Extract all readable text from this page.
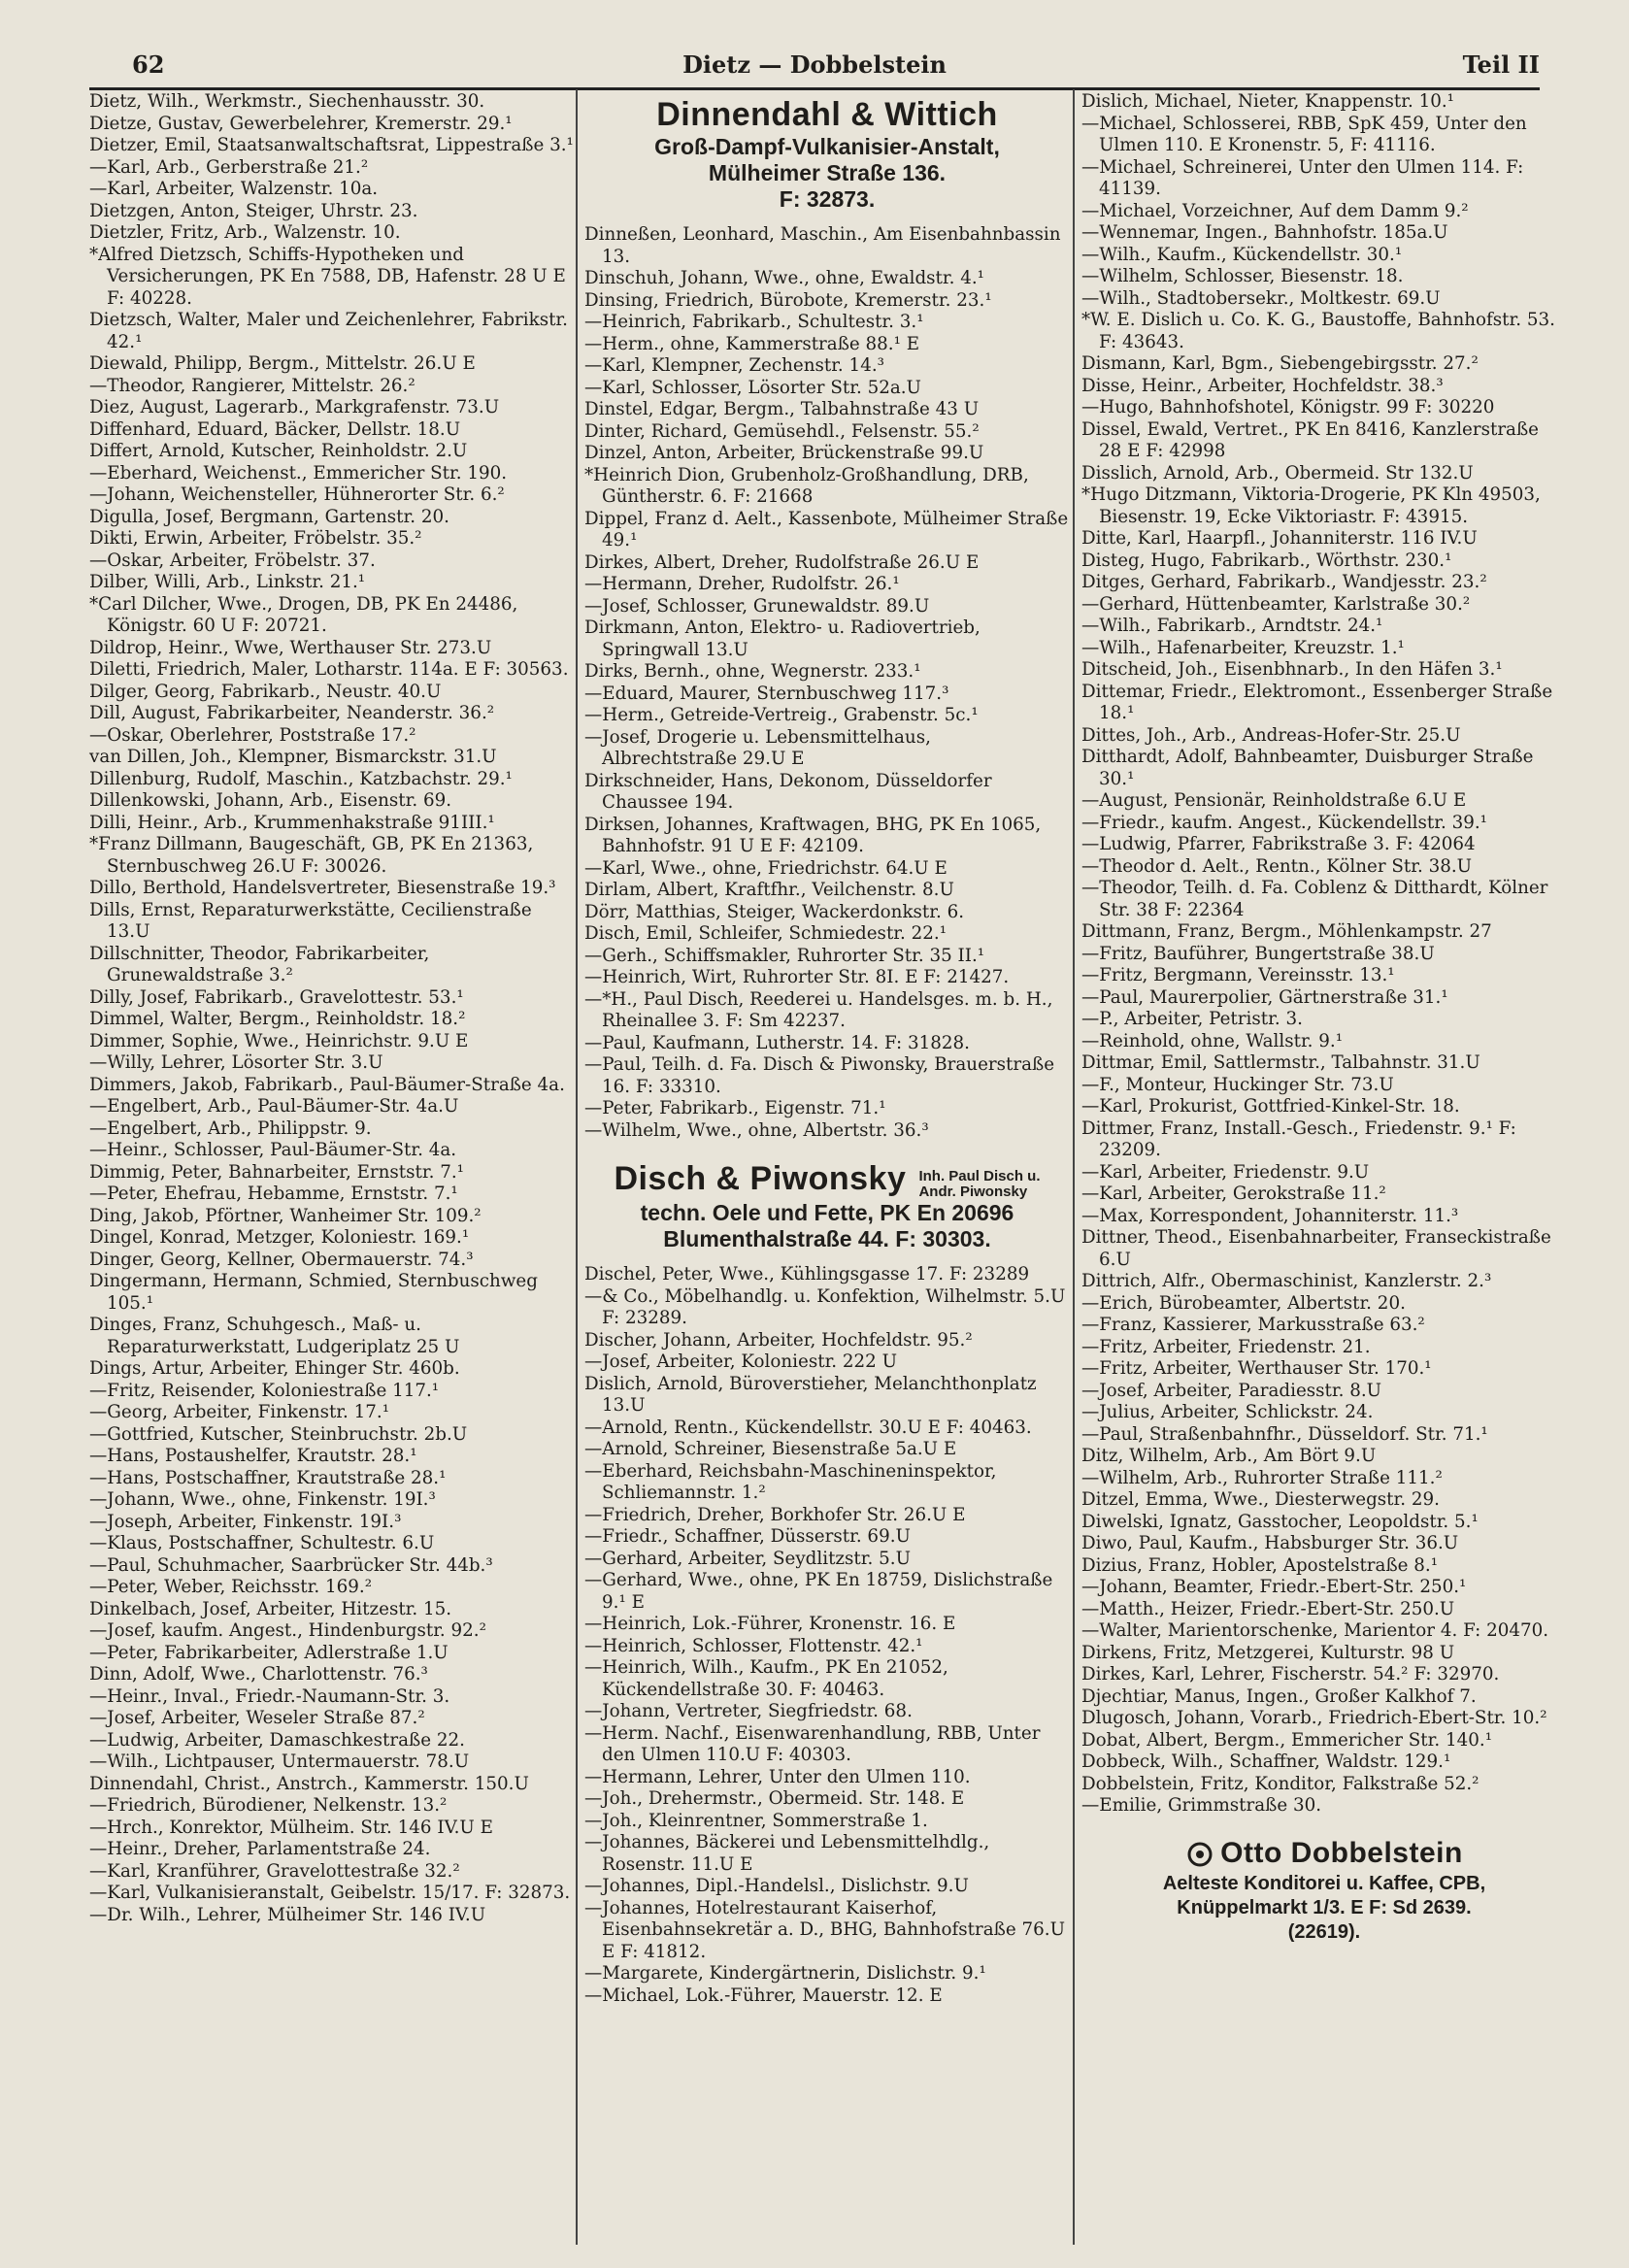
62	Dietz — Dobbelstein	Teil II
Dietz, Wilh., Werkmstr., Siechenhausstr. 30.
Dietze, Gustav, Gewerbelehrer, Kremerstr. 29.¹
Dietzer, Emil, Staatsanwaltschaftsrat, Lippestraße 3.¹
—Karl, Arb., Gerberstraße 21.²
—Karl, Arbeiter, Walzenstr. 10a.
Dietzgen, Anton, Steiger, Uhrstr. 23.
Dietzler, Fritz, Arb., Walzenstr. 10.
*Alfred Dietzsch, Schiffs-Hypotheken und Versicherungen, PK En 7588, DB, Hafenstr. 28 U E F: 40228.
Dietzsch, Walter, Maler und Zeichenlehrer, Fabrikstr. 42.¹
Diewald, Philipp, Bergm., Mittelstr. 26.U E
—Theodor, Rangierer, Mittelstr. 26.²
Diez, August, Lagerarb., Markgrafenstr. 73.U
Diffenhard, Eduard, Bäcker, Dellstr. 18.U
Differt, Arnold, Kutscher, Reinholdstr. 2.U
—Eberhard, Weichenst., Emmericher Str. 190.
—Johann, Weichensteller, Hühnerorter Str. 6.²
Digulla, Josef, Bergmann, Gartenstr. 20.
Dikti, Erwin, Arbeiter, Fröbelstr. 35.²
—Oskar, Arbeiter, Fröbelstr. 37.
Dilber, Willi, Arb., Linkstr. 21.¹
*Carl Dilcher, Wwe., Drogen, DB, PK En 24486, Königstr. 60 U F: 20721.
Dildrop, Heinr., Wwe, Werthauser Str. 273.U
Diletti, Friedrich, Maler, Lotharstr. 114a. E F: 30563.
Dilger, Georg, Fabrikarb., Neustr. 40.U
Dill, August, Fabrikarbeiter, Neanderstr. 36.²
—Oskar, Oberlehrer, Poststraße 17.²
van Dillen, Joh., Klempner, Bismarckstr. 31.U
Dillenburg, Rudolf, Maschin., Katzbachstr. 29.¹
Dillenkowski, Johann, Arb., Eisenstr. 69.
Dilli, Heinr., Arb., Krummenhakstraße 91III.¹
*Franz Dillmann, Baugeschäft, GB, PK En 21363, Sternbuschweg 26.U F: 30026.
Dillo, Berthold, Handelsvertreter, Biesenstraße 19.³
Dills, Ernst, Reparaturwerkstätte, Cecilienstraße 13.U
Dillschnitter, Theodor, Fabrikarbeiter, Grunewaldstraße 3.²
Dilly, Josef, Fabrikarb., Gravelottestr. 53.¹
Dimmel, Walter, Bergm., Reinholdstr. 18.²
Dimmer, Sophie, Wwe., Heinrichstr. 9.U E
—Willy, Lehrer, Lösorter Str. 3.U
Dimmers, Jakob, Fabrikarb., Paul-Bäumer-Straße 4a.
—Engelbert, Arb., Paul-Bäumer-Str. 4a.U
—Engelbert, Arb., Philippstr. 9.
—Heinr., Schlosser, Paul-Bäumer-Str. 4a.
Dimmig, Peter, Bahnarbeiter, Ernststr. 7.¹
—Peter, Ehefrau, Hebamme, Ernststr. 7.¹
Ding, Jakob, Pförtner, Wanheimer Str. 109.²
Dingel, Konrad, Metzger, Koloniestr. 169.¹
Dinger, Georg, Kellner, Obermauerstr. 74.³
Dingermann, Hermann, Schmied, Sternbuschweg 105.¹
Dinges, Franz, Schuhgesch., Maß- u. Reparaturwerkstatt, Ludgeriplatz 25 U
Dings, Artur, Arbeiter, Ehinger Str. 460b.
—Fritz, Reisender, Koloniestraße 117.¹
—Georg, Arbeiter, Finkenstr. 17.¹
—Gottfried, Kutscher, Steinbruchstr. 2b.U
—Hans, Postaushelfer, Krautstr. 28.¹
—Hans, Postschaffner, Krautstraße 28.¹
—Johann, Wwe., ohne, Finkenstr. 19I.³
—Joseph, Arbeiter, Finkenstr. 19I.³
—Klaus, Postschaffner, Schultestr. 6.U
—Paul, Schuhmacher, Saarbrücker Str. 44b.³
—Peter, Weber, Reichsstr. 169.²
Dinkelbach, Josef, Arbeiter, Hitzestr. 15.
—Josef, kaufm. Angest., Hindenburgstr. 92.²
—Peter, Fabrikarbeiter, Adlerstraße 1.U
Dinn, Adolf, Wwe., Charlottenstr. 76.³
—Heinr., Inval., Friedr.-Naumann-Str. 3.
—Josef, Arbeiter, Weseler Straße 87.²
—Ludwig, Arbeiter, Damaschkestraße 22.
—Wilh., Lichtpauser, Untermauerstr. 78.U
Dinnendahl, Christ., Anstrch., Kammerstr. 150.U
—Friedrich, Bürodiener, Nelkenstr. 13.²
—Hrch., Konrektor, Mülheim. Str. 146 IV.U E
—Heinr., Dreher, Parlamentstraße 24.
—Karl, Kranführer, Gravelottestraße 32.²
—Karl, Vulkanisieranstalt, Geibelstr. 15/17. F: 32873.
—Dr. Wilh., Lehrer, Mülheimer Str. 146 IV.U
Dinnendahl & Wittich
Groß-Dampf-Vulkanisier-Anstalt,
Mülheimer Straße 136.
F: 32873.
Dinneßen, Leonhard, Maschin., Am Eisenbahnbassin 13.
Dinschuh, Johann, Wwe., ohne, Ewaldstr. 4.¹
Dinsing, Friedrich, Bürobote, Kremerstr. 23.¹
—Heinrich, Fabrikarb., Schultestr. 3.¹
—Herm., ohne, Kammerstraße 88.¹ E
—Karl, Klempner, Zechenstr. 14.³
—Karl, Schlosser, Lösorter Str. 52a.U
Dinstel, Edgar, Bergm., Talbahnstraße 43 U
Dinter, Richard, Gemüsehdl., Felsenstr. 55.²
Dinzel, Anton, Arbeiter, Brückenstraße 99.U
*Heinrich Dion, Grubenholz-Großhandlung, DRB, Güntherstr. 6. F: 21668
Dippel, Franz d. Aelt., Kassenbote, Mülheimer Straße 49.¹
Dirkes, Albert, Dreher, Rudolfstraße 26.U E
—Hermann, Dreher, Rudolfstr. 26.¹
—Josef, Schlosser, Grunewaldstr. 89.U
Dirkmann, Anton, Elektro- u. Radiovertrieb, Springwall 13.U
Dirks, Bernh., ohne, Wegnerstr. 233.¹
—Eduard, Maurer, Sternbuschweg 117.³
—Herm., Getreide-Vertreig., Grabenstr. 5c.¹
—Josef, Drogerie u. Lebensmittelhaus, Albrechtstraße 29.U E
Dirkschneider, Hans, Dekonom, Düsseldorfer Chaussee 194.
Dirksen, Johannes, Kraftwagen, BHG, PK En 1065, Bahnhofstr. 91 U E F: 42109.
—Karl, Wwe., ohne, Friedrichstr. 64.U E
Dirlam, Albert, Kraftfhr., Veilchenstr. 8.U
Dörr, Matthias, Steiger, Wackerdonkstr. 6.
Disch, Emil, Schleifer, Schmiedestr. 22.¹
—Gerh., Schiffsmakler, Ruhrorter Str. 35 II.¹
—Heinrich, Wirt, Ruhrorter Str. 8I. E F: 21427.
—*H., Paul Disch, Reederei u. Handelsges. m. b. H., Rheinallee 3. F: Sm 42237.
—Paul, Kaufmann, Lutherstr. 14. F: 31828.
—Paul, Teilh. d. Fa. Disch & Piwonsky, Brauerstraße 16. F: 33310.
—Peter, Fabrikarb., Eigenstr. 71.¹
—Wilhelm, Wwe., ohne, Albertstr. 36.³
Disch & Piwonsky Inh. Paul Disch u.
Andr. Piwonsky
techn. Oele und Fette, PK En 20696
Blumenthalstraße 44. F: 30303.
Dischel, Peter, Wwe., Kühlingsgasse 17. F: 23289
—& Co., Möbelhandlg. u. Konfektion, Wilhelmstr. 5.U F: 23289.
Discher, Johann, Arbeiter, Hochfeldstr. 95.²
—Josef, Arbeiter, Koloniestr. 222 U
Dislich, Arnold, Büroverstieher, Melanchthonplatz 13.U
—Arnold, Rentn., Kückendellstr. 30.U E F: 40463.
—Arnold, Schreiner, Biesenstraße 5a.U E
—Eberhard, Reichsbahn-Maschineninspektor, Schliemannstr. 1.²
—Friedrich, Dreher, Borkhofer Str. 26.U E
—Friedr., Schaffner, Düsserstr. 69.U
—Gerhard, Arbeiter, Seydlitzstr. 5.U
—Gerhard, Wwe., ohne, PK En 18759, Dislichstraße 9.¹ E
—Heinrich, Lok.-Führer, Kronenstr. 16. E
—Heinrich, Schlosser, Flottenstr. 42.¹
—Heinrich, Wilh., Kaufm., PK En 21052, Kückendellstraße 30. F: 40463.
—Johann, Vertreter, Siegfriedstr. 68.
—Herm. Nachf., Eisenwarenhandlung, RBB, Unter den Ulmen 110.U F: 40303.
—Hermann, Lehrer, Unter den Ulmen 110.
—Joh., Drehermstr., Obermeid. Str. 148. E
—Joh., Kleinrentner, Sommerstraße 1.
—Johannes, Bäckerei und Lebensmittelhdlg., Rosenstr. 11.U E
—Johannes, Dipl.-Handelsl., Dislichstr. 9.U
—Johannes, Hotelrestaurant Kaiserhof, Eisenbahnsekretär a. D., BHG, Bahnhofstraße 76.U E F: 41812.
—Margarete, Kindergärtnerin, Dislichstr. 9.¹
—Michael, Lok.-Führer, Mauerstr. 12. E
Dislich, Michael, Nieter, Knappenstr. 10.¹
—Michael, Schlosserei, RBB, SpK 459, Unter den Ulmen 110. E Kronenstr. 5, F: 41116.
—Michael, Schreinerei, Unter den Ulmen 114. F: 41139.
—Michael, Vorzeichner, Auf dem Damm 9.²
—Wennemar, Ingen., Bahnhofstr. 185a.U
—Wilh., Kaufm., Kückendellstr. 30.¹
—Wilhelm, Schlosser, Biesenstr. 18.
—Wilh., Stadtobersekr., Moltkestr. 69.U
*W. E. Dislich u. Co. K. G., Baustoffe, Bahnhofstr. 53. F: 43643.
Dismann, Karl, Bgm., Siebengebirgsstr. 27.²
Disse, Heinr., Arbeiter, Hochfeldstr. 38.³
—Hugo, Bahnhofshotel, Königstr. 99 F: 30220
Dissel, Ewald, Vertret., PK En 8416, Kanzlerstraße 28 E F: 42998
Disslich, Arnold, Arb., Obermeid. Str 132.U
*Hugo Ditzmann, Viktoria-Drogerie, PK Kln 49503, Biesenstr. 19, Ecke Viktoriastr. F: 43915.
Ditte, Karl, Haarpfl., Johanniterstr. 116 IV.U
Disteg, Hugo, Fabrikarb., Wörthstr. 230.¹
Ditges, Gerhard, Fabrikarb., Wandjesstr. 23.²
—Gerhard, Hüttenbeamter, Karlstraße 30.²
—Wilh., Fabrikarb., Arndtstr. 24.¹
—Wilh., Hafenarbeiter, Kreuzstr. 1.¹
Ditscheid, Joh., Eisenbhnarb., In den Häfen 3.¹
Dittemar, Friedr., Elektromont., Essenberger Straße 18.¹
Dittes, Joh., Arb., Andreas-Hofer-Str. 25.U
Ditthardt, Adolf, Bahnbeamter, Duisburger Straße 30.¹
—August, Pensionär, Reinholdstraße 6.U E
—Friedr., kaufm. Angest., Kückendellstr. 39.¹
—Ludwig, Pfarrer, Fabrikstraße 3. F: 42064
—Theodor d. Aelt., Rentn., Kölner Str. 38.U
—Theodor, Teilh. d. Fa. Coblenz & Ditthardt, Kölner Str. 38 F: 22364
Dittmann, Franz, Bergm., Möhlenkampstr. 27
—Fritz, Bauführer, Bungertstraße 38.U
—Fritz, Bergmann, Vereinsstr. 13.¹
—Paul, Maurerpolier, Gärtnerstraße 31.¹
—P., Arbeiter, Petristr. 3.
—Reinhold, ohne, Wallstr. 9.¹
Dittmar, Emil, Sattlermstr., Talbahnstr. 31.U
—F., Monteur, Huckinger Str. 73.U
—Karl, Prokurist, Gottfried-Kinkel-Str. 18.
Dittmer, Franz, Install.-Gesch., Friedenstr. 9.¹ F: 23209.
—Karl, Arbeiter, Friedenstr. 9.U
—Karl, Arbeiter, Gerokstraße 11.²
—Max, Korrespondent, Johanniterstr. 11.³
Dittner, Theod., Eisenbahnarbeiter, Franseckistraße 6.U
Dittrich, Alfr., Obermaschinist, Kanzlerstr. 2.³
—Erich, Bürobeamter, Albertstr. 20.
—Franz, Kassierer, Markusstraße 63.²
—Fritz, Arbeiter, Friedenstr. 21.
—Fritz, Arbeiter, Werthauser Str. 170.¹
—Josef, Arbeiter, Paradiesstr. 8.U
—Julius, Arbeiter, Schlickstr. 24.
—Paul, Straßenbahnfhr., Düsseldorf. Str. 71.¹
Ditz, Wilhelm, Arb., Am Bört 9.U
—Wilhelm, Arb., Ruhrorter Straße 111.²
Ditzel, Emma, Wwe., Diesterwegstr. 29.
Diwelski, Ignatz, Gasstocher, Leopoldstr. 5.¹
Diwo, Paul, Kaufm., Habsburger Str. 36.U
Dizius, Franz, Hobler, Apostelstraße 8.¹
—Johann, Beamter, Friedr.-Ebert-Str. 250.¹
—Matth., Heizer, Friedr.-Ebert-Str. 250.U
—Walter, Marientorschenke, Marientor 4. F: 20470.
Dirkens, Fritz, Metzgerei, Kulturstr. 98 U
Dirkes, Karl, Lehrer, Fischerstr. 54.² F: 32970.
Djechtiar, Manus, Ingen., Großer Kalkhof 7.
Dlugosch, Johann, Vorarb., Friedrich-Ebert-Str. 10.²
Dobat, Albert, Bergm., Emmericher Str. 140.¹
Dobbeck, Wilh., Schaffner, Waldstr. 129.¹
Dobbelstein, Fritz, Konditor, Falkstraße 52.²
—Emilie, Grimmstraße 30.
Otto Dobbelstein
Aelteste Konditorei u. Kaffee, CPB,
Knüppelmarkt 1/3. E F: Sd 2639.
(22619).
